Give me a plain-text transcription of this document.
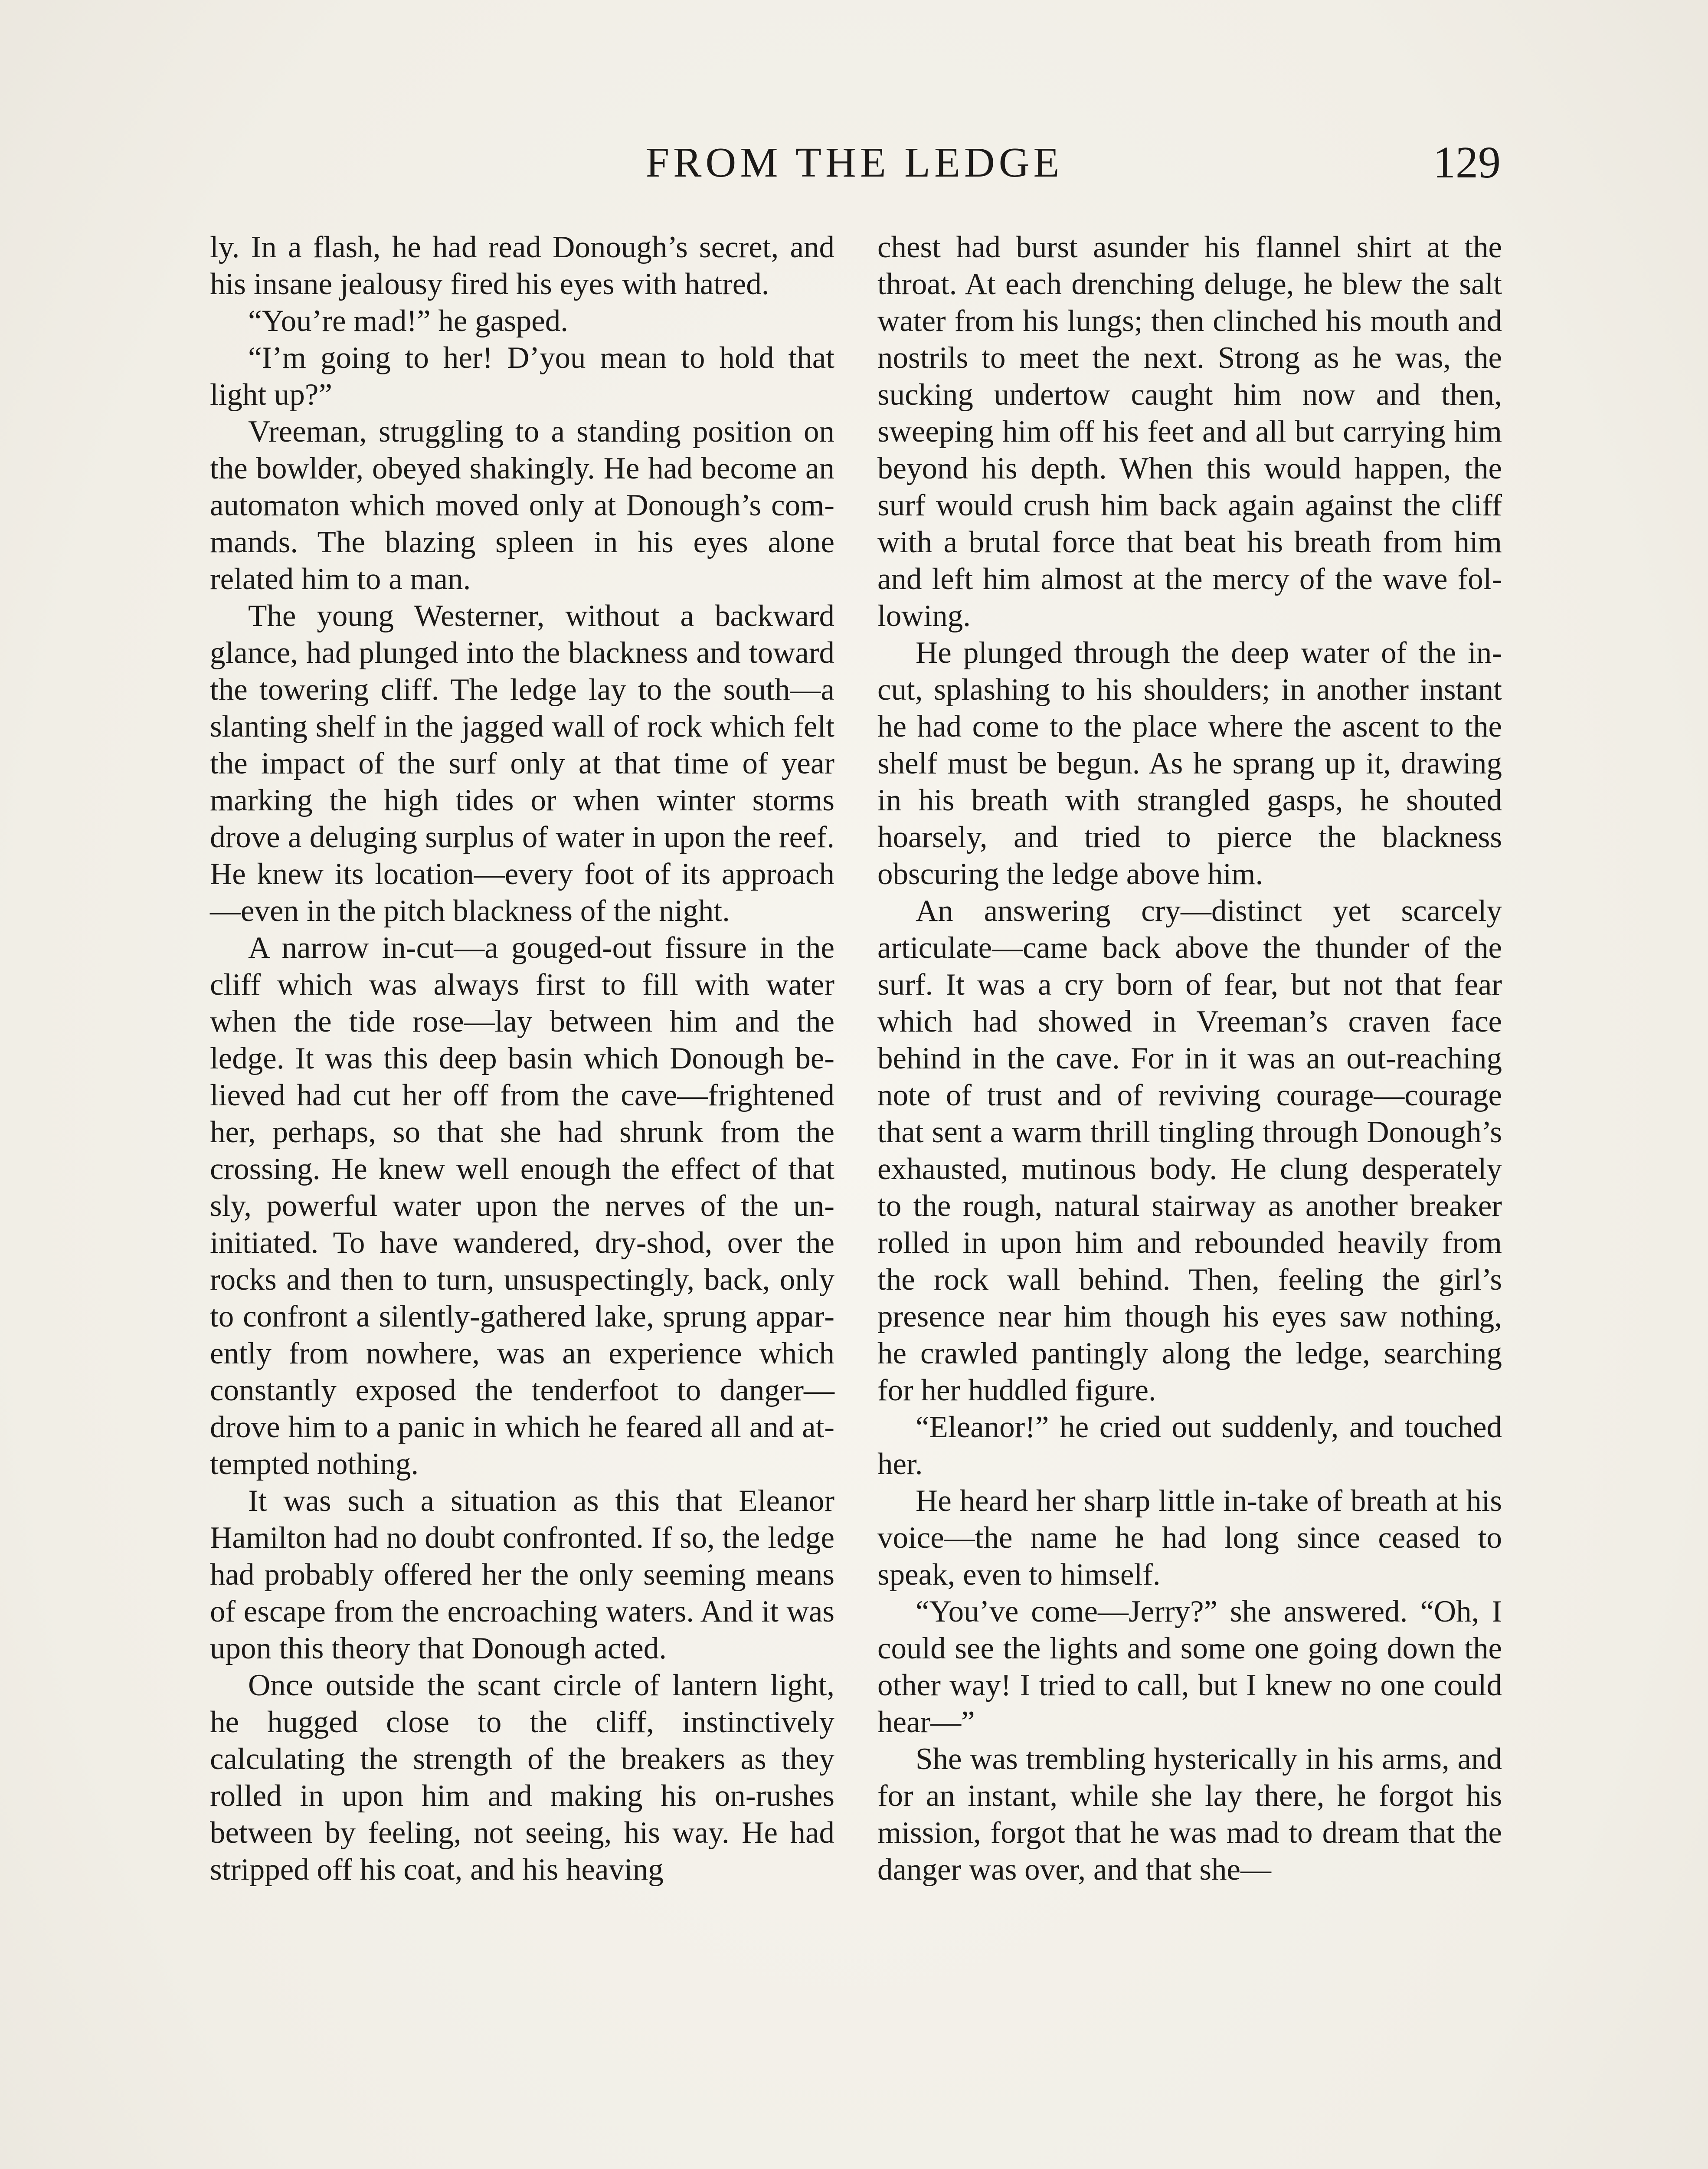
FROM THE LEDGE	129

ly. In a flash, he had read Donough’s secret, and his insane jealousy fired his eyes with hatred.

“You’re mad!” he gasped.

“I’m going to her! D’you mean to hold that light up?”

Vreeman, struggling to a standing position on the bowlder, obeyed shakingly. He had become an automaton which moved only at Donough’s commands. The blazing spleen in his eyes alone related him to a man.

The young Westerner, without a backward glance, had plunged into the blackness and toward the towering cliff. The ledge lay to the south—a slanting shelf in the jagged wall of rock which felt the impact of the surf only at that time of year marking the high tides or when winter storms drove a deluging surplus of water in upon the reef. He knew its location—every foot of its approach—even in the pitch blackness of the night.

A narrow in-cut—a gouged-out fissure in the cliff which was always first to fill with water when the tide rose—lay between him and the ledge. It was this deep basin which Donough believed had cut her off from the cave—frightened her, perhaps, so that she had shrunk from the crossing. He knew well enough the effect of that sly, powerful water upon the nerves of the uninitiated. To have wandered, dry-shod, over the rocks and then to turn, unsuspectingly, back, only to confront a silently-gathered lake, sprung apparently from nowhere, was an experience which constantly exposed the tenderfoot to danger—drove him to a panic in which he feared all and attempted nothing.

It was such a situation as this that Eleanor Hamilton had no doubt confronted. If so, the ledge had probably offered her the only seeming means of escape from the encroaching waters. And it was upon this theory that Donough acted.

Once outside the scant circle of lantern light, he hugged close to the cliff, instinctively calculating the strength of the breakers as they rolled in upon him and making his on-rushes between by feeling, not seeing, his way. He had stripped off his coat, and his heaving

chest had burst asunder his flannel shirt at the throat. At each drenching deluge, he blew the salt water from his lungs; then clinched his mouth and nostrils to meet the next. Strong as he was, the sucking undertow caught him now and then, sweeping him off his feet and all but carrying him beyond his depth. When this would happen, the surf would crush him back again against the cliff with a brutal force that beat his breath from him and left him almost at the mercy of the wave following.

He plunged through the deep water of the in-cut, splashing to his shoulders; in another instant he had come to the place where the ascent to the shelf must be begun. As he sprang up it, drawing in his breath with strangled gasps, he shouted hoarsely, and tried to pierce the blackness obscuring the ledge above him.

An answering cry—distinct yet scarcely articulate—came back above the thunder of the surf. It was a cry born of fear, but not that fear which had showed in Vreeman’s craven face behind in the cave. For in it was an out-reaching note of trust and of reviving courage—courage that sent a warm thrill tingling through Donough’s exhausted, mutinous body. He clung desperately to the rough, natural stairway as another breaker rolled in upon him and rebounded heavily from the rock wall behind. Then, feeling the girl’s presence near him though his eyes saw nothing, he crawled pantingly along the ledge, searching for her huddled figure.

“Eleanor!” he cried out suddenly, and touched her.

He heard her sharp little in-take of breath at his voice—the name he had long since ceased to speak, even to himself.

“You’ve come—Jerry?” she answered. “Oh, I could see the lights and some one going down the other way! I tried to call, but I knew no one could hear—”

She was trembling hysterically in his arms, and for an instant, while she lay there, he forgot his mission, forgot that he was mad to dream that the danger was over, and that she—
